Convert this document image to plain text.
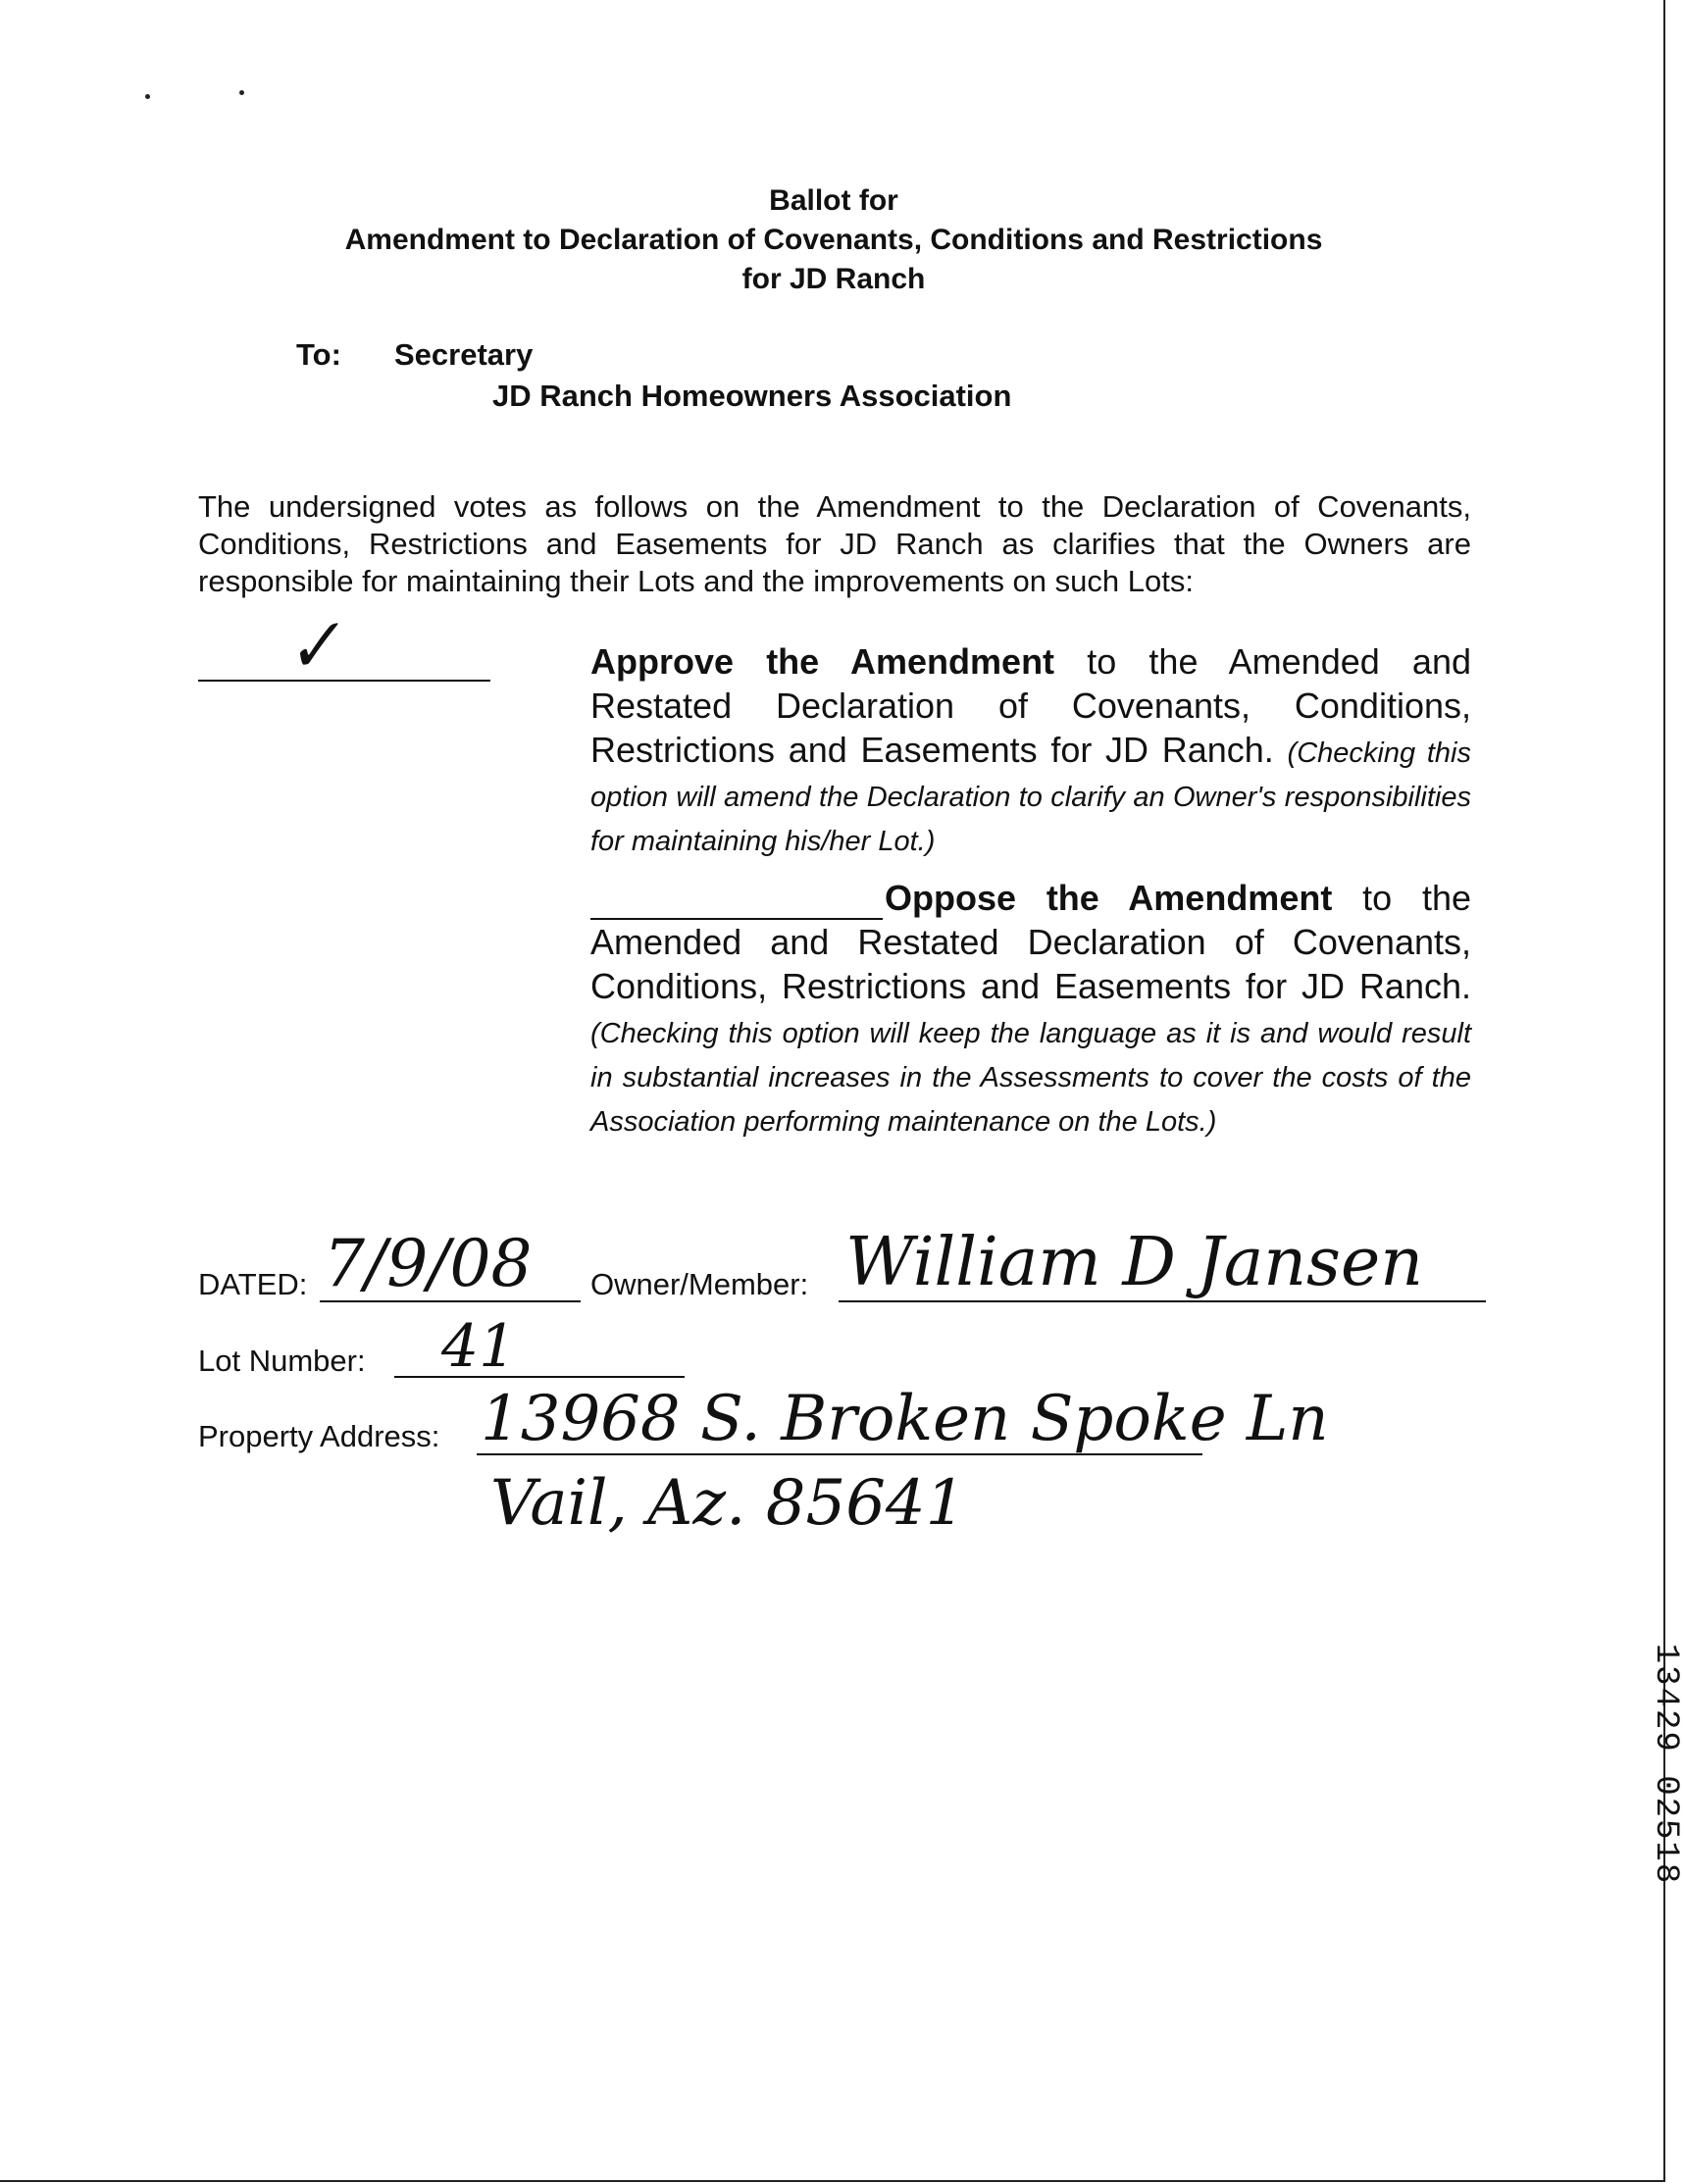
Ballot for
Amendment to Declaration of Covenants, Conditions and Restrictions
for JD Ranch
To: Secretary
JD Ranch Homeowners Association
The undersigned votes as follows on the Amendment to the Declaration of Covenants, Conditions, Restrictions and Easements for JD Ranch as clarifies that the Owners are responsible for maintaining their Lots and the improvements on such Lots:
✓	Approve the Amendment to the Amended and Restated Declaration of Covenants, Conditions, Restrictions and Easements for JD Ranch. (Checking this option will amend the Declaration to clarify an Owner's responsibilities for maintaining his/her Lot.)
Oppose the Amendment to the Amended and Restated Declaration of Covenants, Conditions, Restrictions and Easements for JD Ranch. (Checking this option will keep the language as it is and would result in substantial increases in the Assessments to cover the costs of the Association performing maintenance on the Lots.)
DATED: 7/9/08 Owner/Member: William D Jansen
Lot Number: 41
Property Address: 13968 S. Broken Spoke Ln
Vail, Az. 85641
13429 02518
